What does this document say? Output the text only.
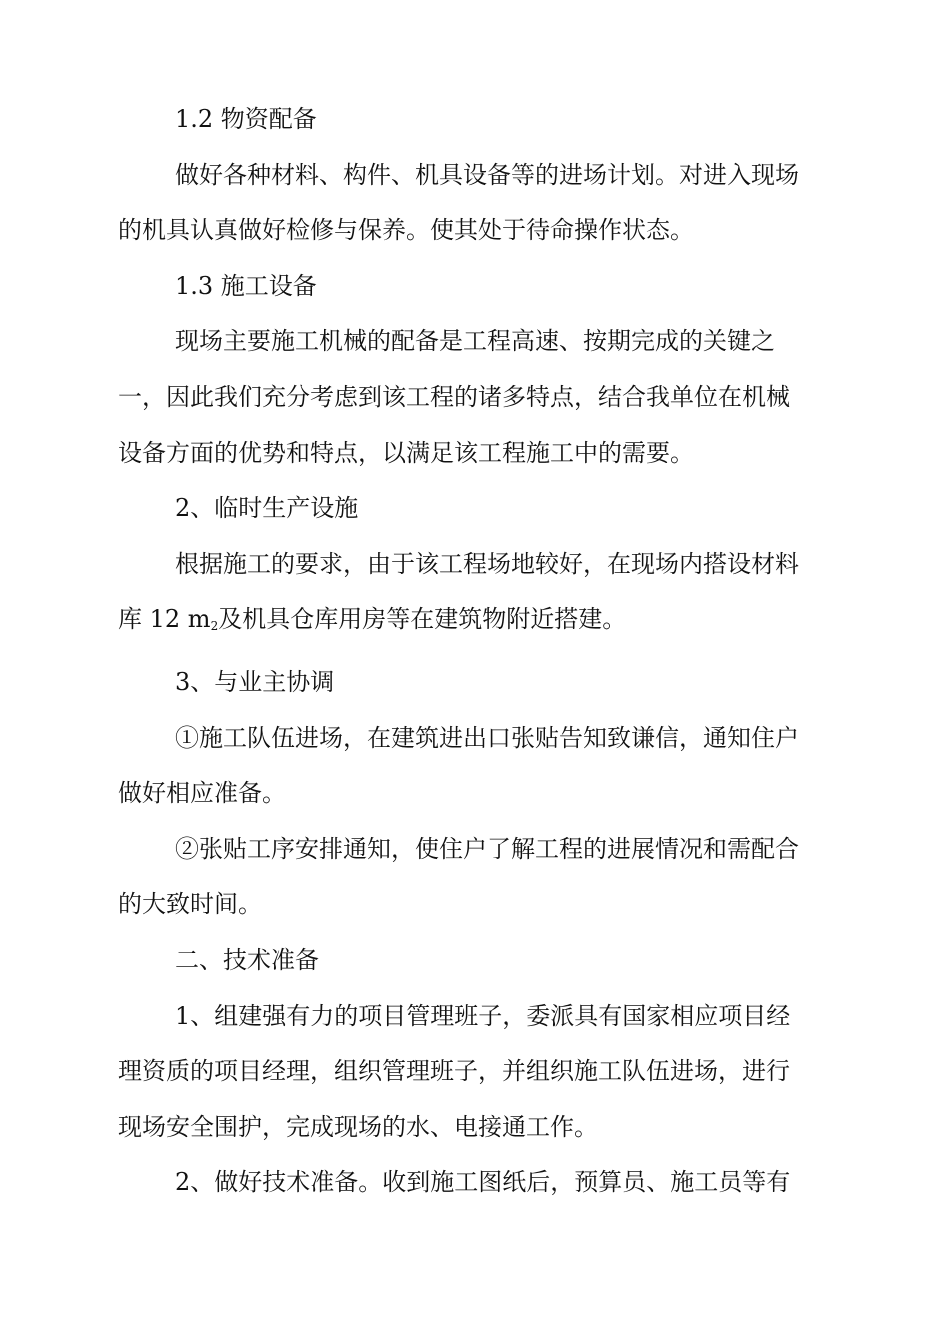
1.2 物资配备

做好各种材料、构件、机具设备等的进场计划。对进入现场
的机具认真做好检修与保养。使其处于待命操作状态。

1.3 施工设备

现场主要施工机械的配备是工程高速、按期完成的关键之
一，因此我们充分考虑到该工程的诸多特点，结合我单位在机械
设备方面的优势和特点，以满足该工程施工中的需要。

2、临时生产设施

根据施工的要求，由于该工程场地较好，在现场内搭设材料
库 12 $m_2$及机具仓库用房等在建筑物附近搭建。

3、与业主协调

①施工队伍进场，在建筑进出口张贴告知致谦信，通知住户
做好相应准备。

②张贴工序安排通知，使住户了解工程的进展情况和需配合
的大致时间。

二、技术准备

1、组建强有力的项目管理班子，委派具有国家相应项目经
理资质的项目经理，组织管理班子，并组织施工队伍进场，进行
现场安全围护，完成现场的水、电接通工作。

2、做好技术准备。收到施工图纸后，预算员、施工员等有
